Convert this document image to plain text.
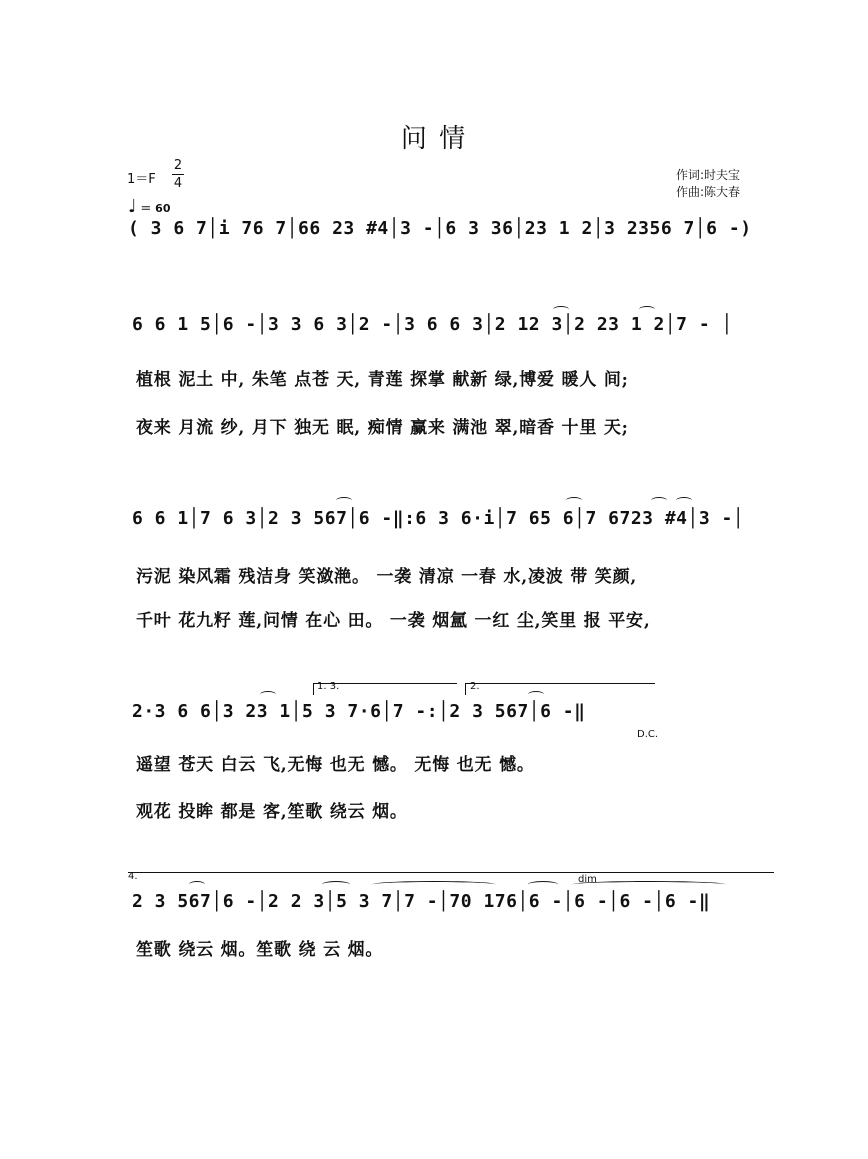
问 情
1＝F
2
4
♩ ＝ 60
作词:时夫宝
作曲:陈大春
( 3 6 7│i 76 7│66 23 #4│3 -│6 3 36│23 1 2│3 2356 7│6 -)
6 6 1 5│6 -│3 3 6 3│2 -│3 6 6 3│2 12 3│2 23 1 2│7 - │
植根 泥土 中, 朱笔 点苍 天, 青莲 探掌 献新 绿,博爱 暖人 间;
夜来 月流 纱, 月下 独无 眠, 痴情 赢来 满池 翠,暗香 十里 天;
6 6 1│7 6 3│2 3 567│6 -‖:6 3 6·i│7 65 6│7 6723 #4│3 -│
污泥 染风霜 残洁身 笑潋滟。 一袭 清凉 一春 水,凌波 带 笑颜,
千叶 花九籽 莲,问情 在心 田。 一袭 烟氲 一红 尘,笑里 报 平安,
1. 3.	2.
2·3 6 6│3 23 1│5 3 7·6│7 -:│2 3 567│6 -‖
D.C.
遥望 苍天 白云 飞,无悔 也无 憾。 无悔 也无 憾。
观花 投眸 都是 客,笙歌 绕云 烟。
4.	dim
2 3 567│6 -│2 2 3│5 3 7│7 -│70 176│6 -│6 -│6 -│6 -‖
笙歌 绕云 烟。笙歌 绕 云 烟。
